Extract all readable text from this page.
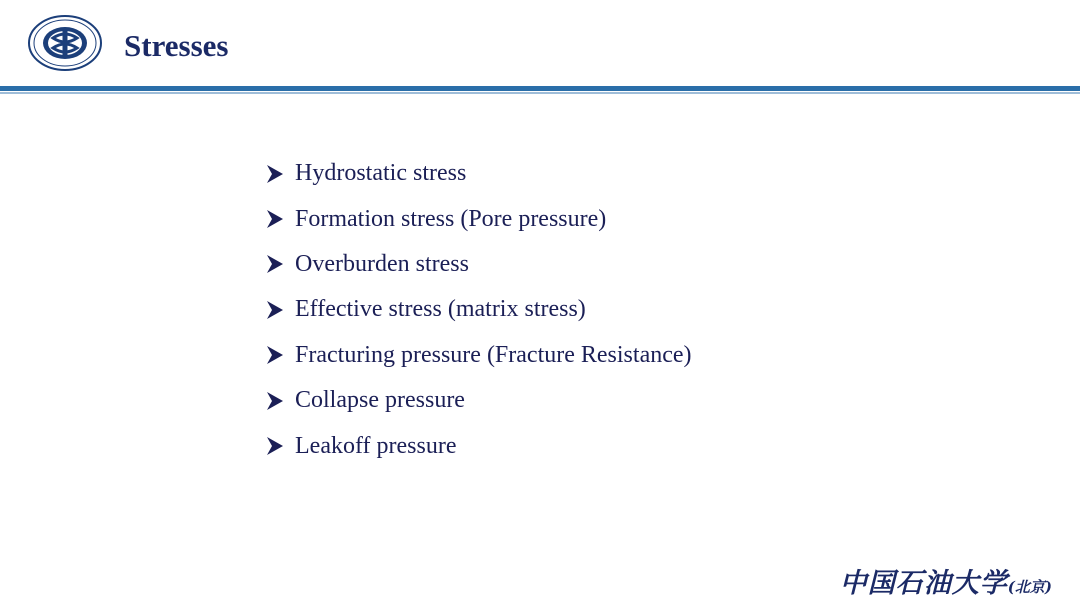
Stresses
Hydrostatic stress
Formation stress (Pore pressure)
Overburden stress
Effective stress (matrix stress)
Fracturing pressure (Fracture Resistance)
Collapse pressure
Leakoff pressure
中国石油大学(北京)
